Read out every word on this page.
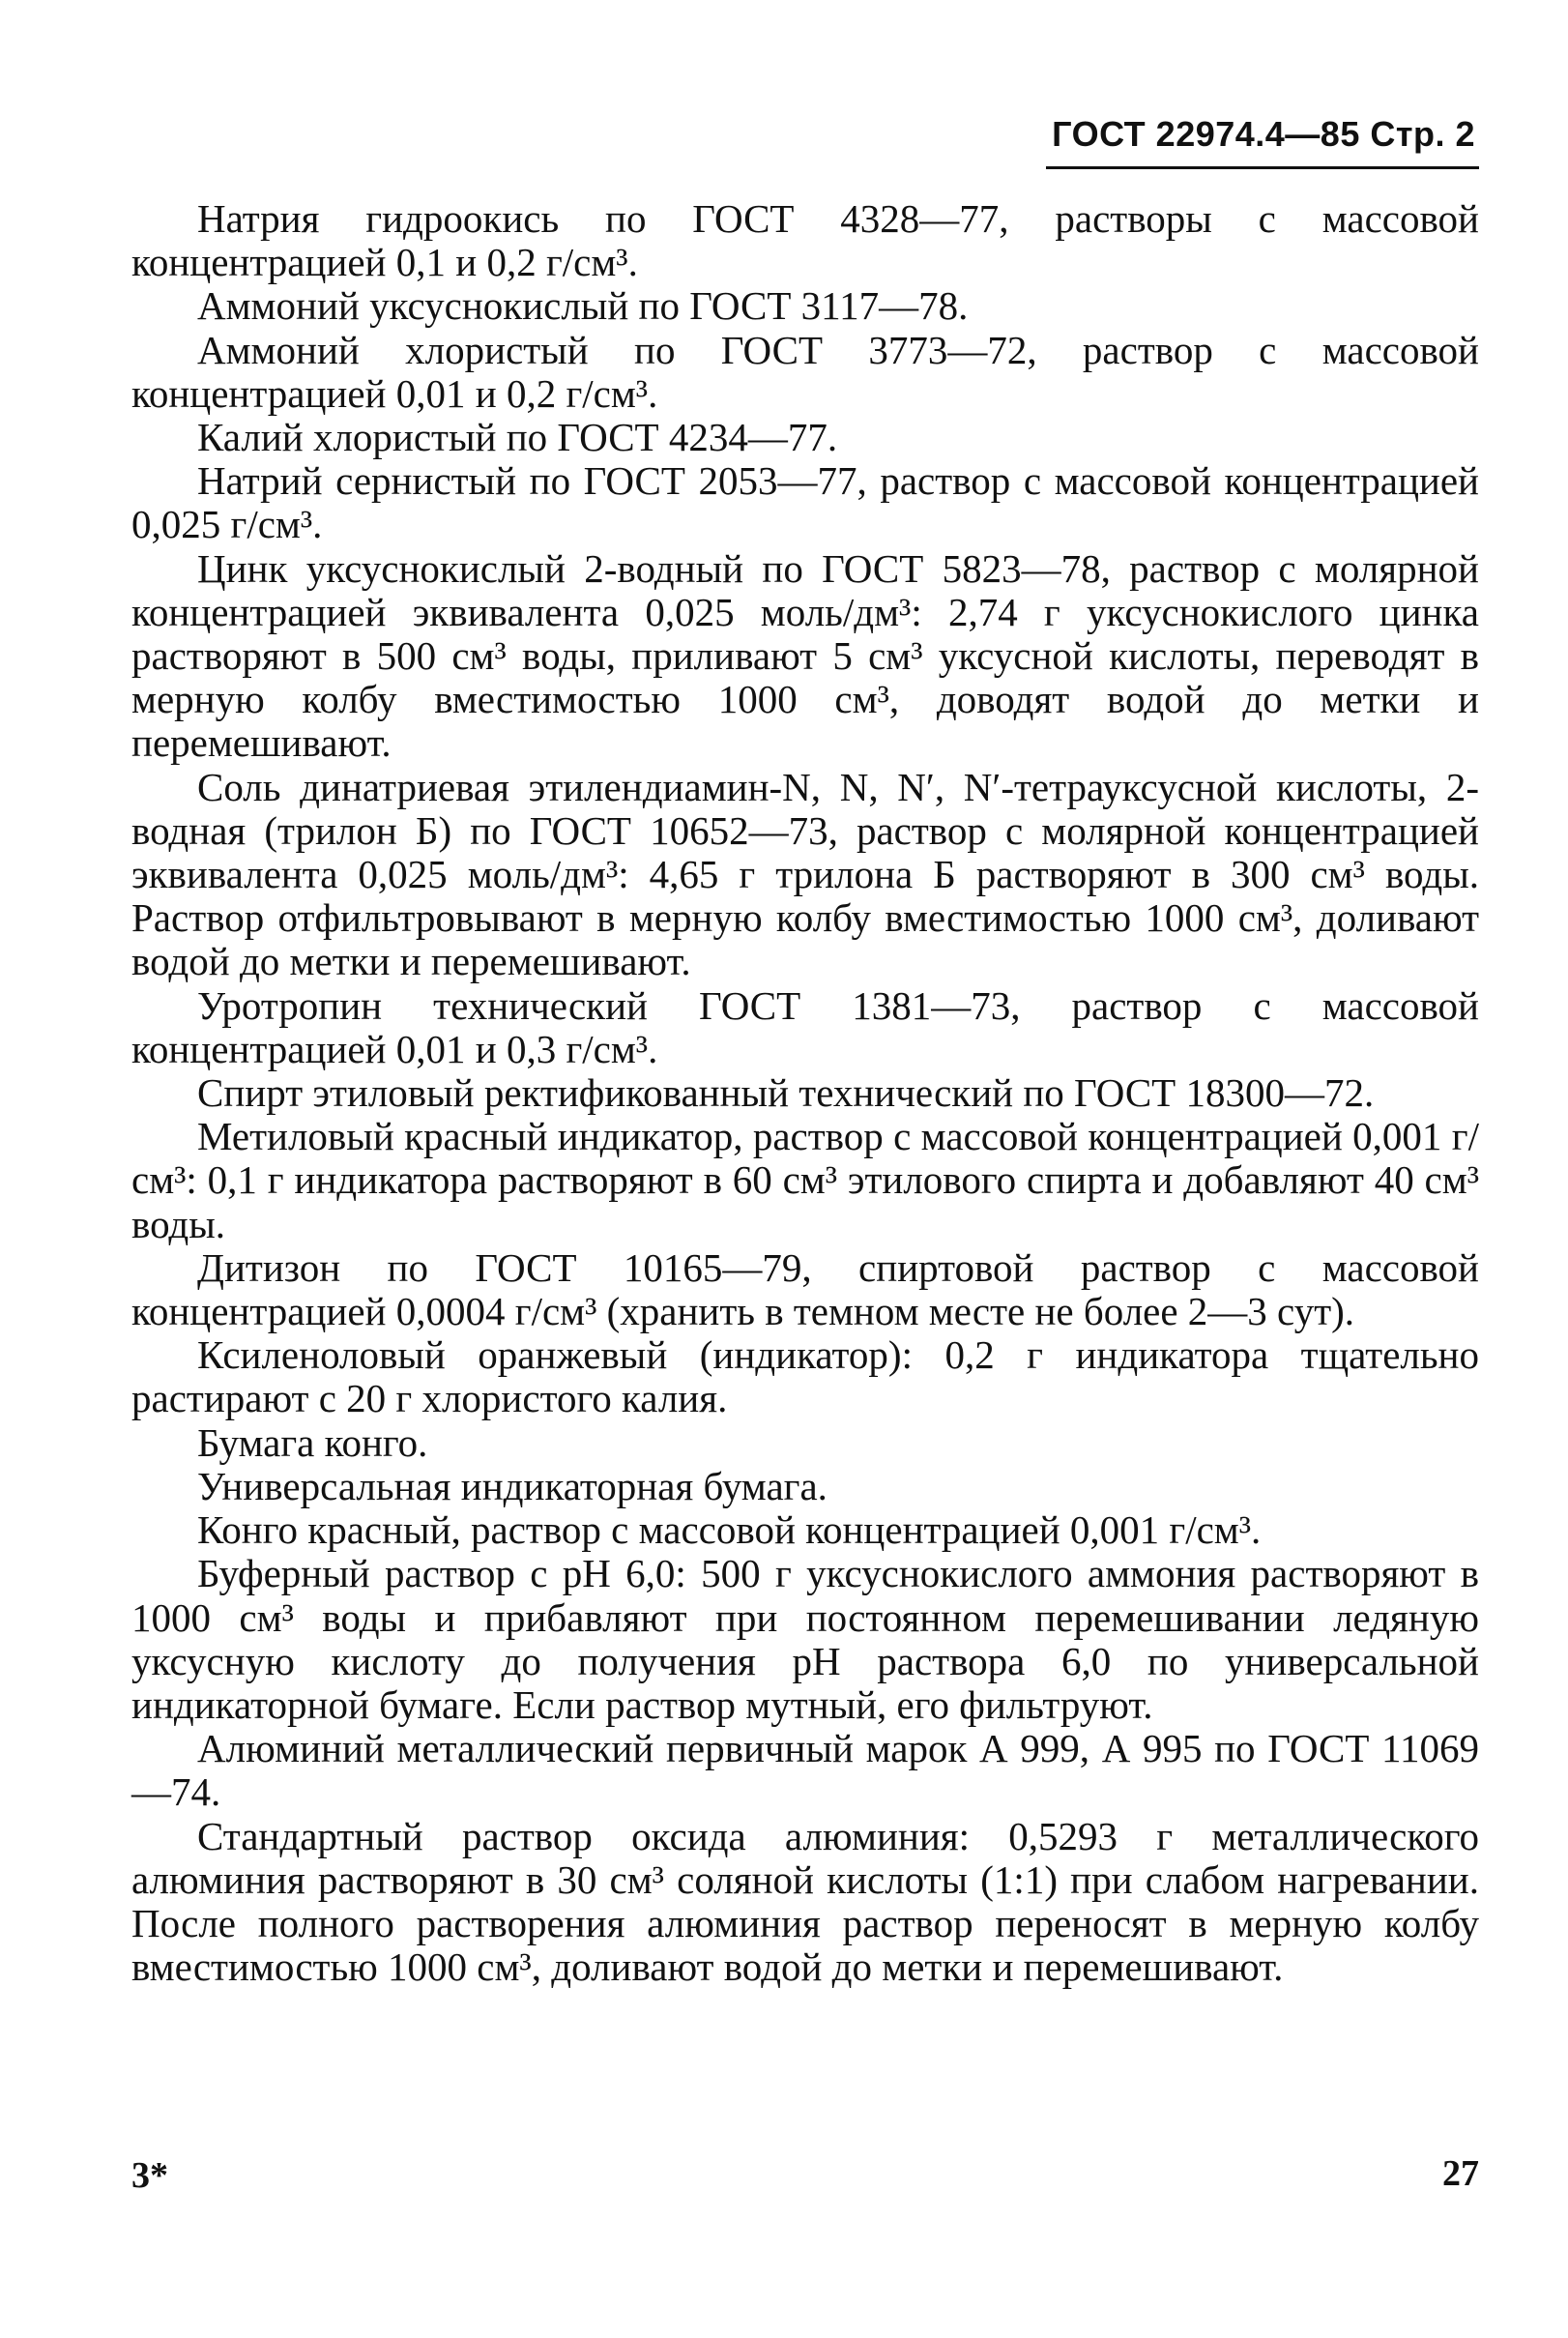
ГОСТ 22974.4—85 Стр. 2

Натрия гидроокись по ГОСТ 4328—77, растворы с массовой концентрацией 0,1 и 0,2 г/см³.

Аммоний уксуснокислый по ГОСТ 3117—78.

Аммоний хлористый по ГОСТ 3773—72, раствор с массовой концентрацией 0,01 и 0,2 г/см³.

Калий хлористый по ГОСТ 4234—77.

Натрий сернистый по ГОСТ 2053—77, раствор с массовой концентрацией 0,025 г/см³.

Цинк уксуснокислый 2-водный по ГОСТ 5823—78, раствор с молярной концентрацией эквивалента 0,025 моль/дм³: 2,74 г уксуснокислого цинка растворяют в 500 см³ воды, приливают 5 см³ уксусной кислоты, переводят в мерную колбу вместимостью 1000 см³, доводят водой до метки и перемешивают.

Соль динатриевая этилендиамин-N, N, N′, N′-тетрауксусной кислоты, 2-водная (трилон Б) по ГОСТ 10652—73, раствор с молярной концентрацией эквивалента 0,025 моль/дм³: 4,65 г трилона Б растворяют в 300 см³ воды. Раствор отфильтровывают в мерную колбу вместимостью 1000 см³, доливают водой до метки и перемешивают.

Уротропин технический ГОСТ 1381—73, раствор с массовой концентрацией 0,01 и 0,3 г/см³.

Спирт этиловый ректификованный технический по ГОСТ 18300—72.

Метиловый красный индикатор, раствор с массовой концентрацией 0,001 г/см³: 0,1 г индикатора растворяют в 60 см³ этилового спирта и добавляют 40 см³ воды.

Дитизон по ГОСТ 10165—79, спиртовой раствор с массовой концентрацией 0,0004 г/см³ (хранить в темном месте не более 2—3 сут).

Ксиленоловый оранжевый (индикатор): 0,2 г индикатора тщательно растирают с 20 г хлористого калия.

Бумага конго.

Универсальная индикаторная бумага.

Конго красный, раствор с массовой концентрацией 0,001 г/см³.

Буферный раствор с рН 6,0: 500 г уксуснокислого аммония растворяют в 1000 см³ воды и прибавляют при постоянном перемешивании ледяную уксусную кислоту до получения рН раствора 6,0 по универсальной индикаторной бумаге. Если раствор мутный, его фильтруют.

Алюминий металлический первичный марок А 999, А 995 по ГОСТ 11069—74.

Стандартный раствор оксида алюминия: 0,5293 г металлического алюминия растворяют в 30 см³ соляной кислоты (1:1) при слабом нагревании. После полного растворения алюминия раствор переносят в мерную колбу вместимостью 1000 см³, доливают водой до метки и перемешивают.

3*	27
